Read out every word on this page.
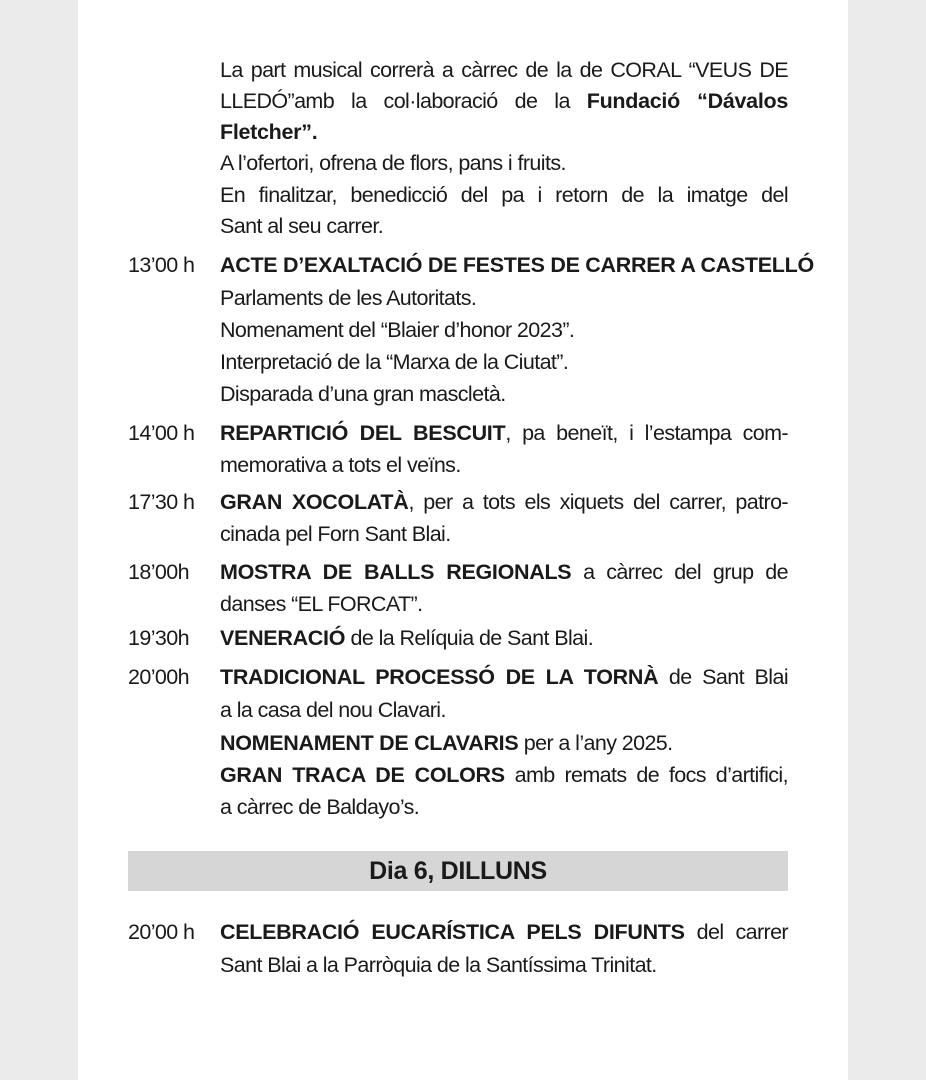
La part musical correrà a càrrec de la de CORAL “VEUS DE
LLEDÓ”amb la col·laboració de la Fundació “Dávalos
Fletcher”.
A l’ofertori, ofrena de flors, pans i fruits.
En finalitzar, benedicció del pa i retorn de la imatge del
Sant al seu carrer.
13’00 h ACTE D’EXALTACIÓ DE FESTES DE CARRER A CASTELLÓ
Parlaments de les Autoritats.
Nomenament del “Blaier d’honor 2023”.
Interpretació de la “Marxa de la Ciutat”.
Disparada d’una gran mascletà.
14’00 h REPARTICIÓ DEL BESCUIT, pa beneït, i l’estampa com-
memorativa a tots el veïns.
17’30 h GRAN XOCOLATÀ, per a tots els xiquets del carrer, patro-
cinada pel Forn Sant Blai.
18’00h MOSTRA DE BALLS REGIONALS a càrrec del grup de
danses “EL FORCAT”.
19’30h VENERACIÓ de la Relíquia de Sant Blai.
20’00h TRADICIONAL PROCESSÓ DE LA TORNÀ de Sant Blai
a la casa del nou Clavari.
NOMENAMENT DE CLAVARIS per a l’any 2025.
GRAN TRACA DE COLORS amb remats de focs d’artifici,
a càrrec de Baldayo’s.
20’00 h CELEBRACIÓ EUCARÍSTICA PELS DIFUNTS del carrer
Sant Blai a la Parròquia de la Santíssima Trinitat.
Dia 6, DILLUNS
